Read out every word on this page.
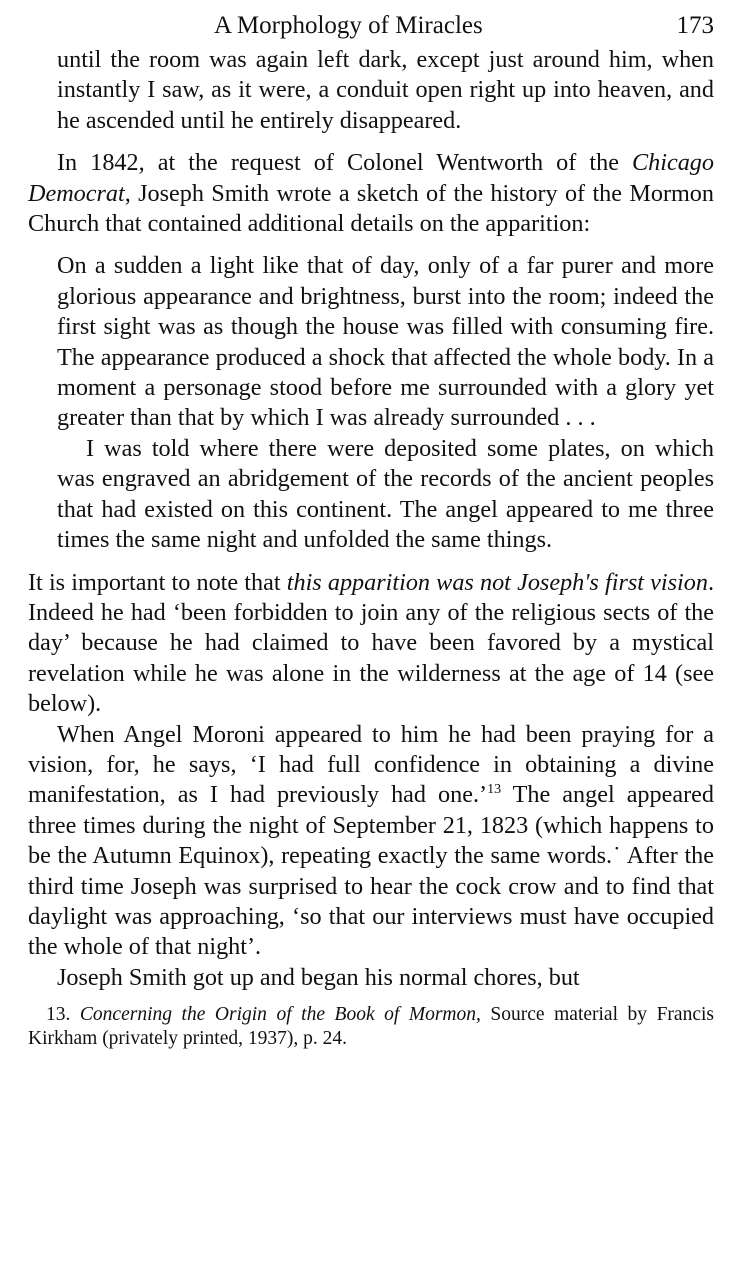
A Morphology of Miracles	173

until the room was again left dark, except just around him, when instantly I saw, as it were, a conduit open right up into heaven, and he ascended until he entirely disappeared.

In 1842, at the request of Colonel Wentworth of the Chicago Democrat, Joseph Smith wrote a sketch of the history of the Mormon Church that contained additional details on the apparition:

On a sudden a light like that of day, only of a far purer and more glorious appearance and brightness, burst into the room; indeed the first sight was as though the house was filled with consuming fire. The appearance produced a shock that affected the whole body. In a moment a personage stood before me surrounded with a glory yet greater than that by which I was already surrounded . . .

I was told where there were deposited some plates, on which was engraved an abridgement of the records of the ancient peoples that had existed on this continent. The angel appeared to me three times the same night and unfolded the same things.

It is important to note that this apparition was not Joseph's first vision. Indeed he had ‘been forbidden to join any of the religious sects of the day’ because he had claimed to have been favored by a mystical revelation while he was alone in the wilderness at the age of 14 (see below).

When Angel Moroni appeared to him he had been praying for a vision, for, he says, ‘I had full confidence in obtaining a divine manifestation, as I had previously had one.’$^{13}$ The angel appeared three times during the night of September 21, 1823 (which happens to be the Autumn Equinox), repeating exactly the same words.˙ After the third time Joseph was surprised to hear the cock crow and to find that daylight was approaching, ‘so that our interviews must have occupied the whole of that night’.

Joseph Smith got up and began his normal chores, but

13. Concerning the Origin of the Book of Mormon, Source material by Francis Kirkham (privately printed, 1937), p. 24.
